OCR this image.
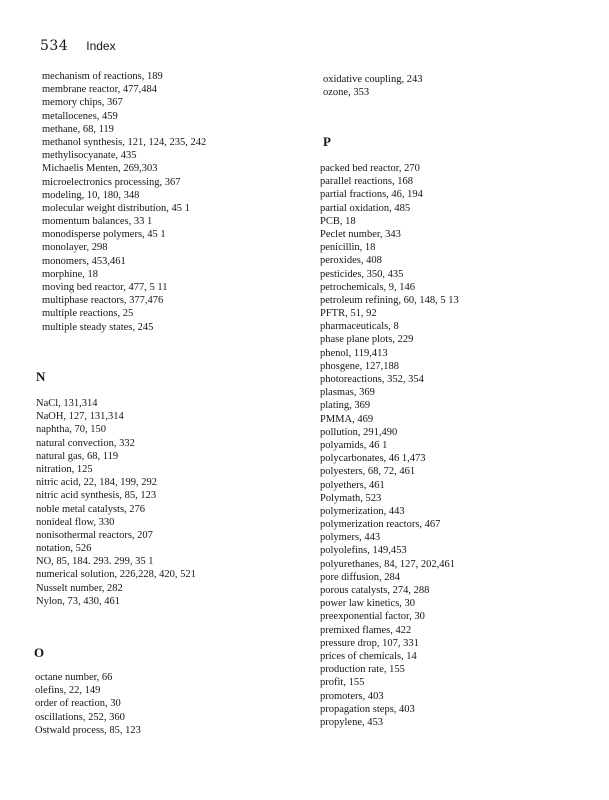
534 Index
mechanism of reactions, 189
membrane reactor, 477,484
memory chips, 367
metallocenes, 459
methane, 68, 119
methanol synthesis, 121, 124, 235, 242
methylisocyanate, 435
Michaelis Menten, 269,303
microelectronics processing, 367
modeling, 10, 180, 348
molecular weight distribution, 45 1
momentum balances, 33 1
monodisperse polymers, 45 1
monolayer, 298
monomers, 453,461
morphine, 18
moving bed reactor, 477, 5 11
multiphase reactors, 377,476
multiple reactions, 25
multiple steady states, 245
N
NaCl, 131,314
NaOH, 127, 131,314
naphtha, 70, 150
natural convection, 332
natural gas, 68, 119
nitration, 125
nitric acid, 22, 184, 199, 292
nitric acid synthesis, 85, 123
noble metal catalysts, 276
nonideal flow, 330
nonisothermal reactors, 207
notation, 526
NO, 85, 184. 293. 299, 35 1
numerical solution, 226,228, 420, 521
Nusselt number, 282
Nylon, 73, 430, 461
O
octane number, 66
olefins, 22, 149
order of reaction, 30
oscillations, 252, 360
Ostwald process, 85, 123
oxidative coupling, 243
ozone, 353
P
packed bed reactor, 270
parallel reactions, 168
partial fractions, 46, 194
partial oxidation, 485
PCB, 18
Peclet number, 343
penicillin, 18
peroxides, 408
pesticides, 350, 435
petrochemicals, 9, 146
petroleum refining, 60, 148, 5 13
PFTR, 51, 92
pharmaceuticals, 8
phase plane plots, 229
phenol, 119,413
phosgene, 127,188
photoreactions, 352, 354
plasmas, 369
plating, 369
PMMA, 469
pollution, 291,490
polyamids, 46 1
polycarbonates, 46 1,473
polyesters, 68, 72, 461
polyethers, 461
Polymath, 523
polymerization, 443
polymerization reactors, 467
polymers, 443
polyolefins, 149,453
polyurethanes, 84, 127, 202,461
pore diffusion, 284
porous catalysts, 274, 288
power law kinetics, 30
preexponential factor, 30
premixed flames, 422
pressure drop, 107, 331
prices of chemicals, 14
production rate, 155
profit, 155
promoters, 403
propagation steps, 403
propylene, 453
